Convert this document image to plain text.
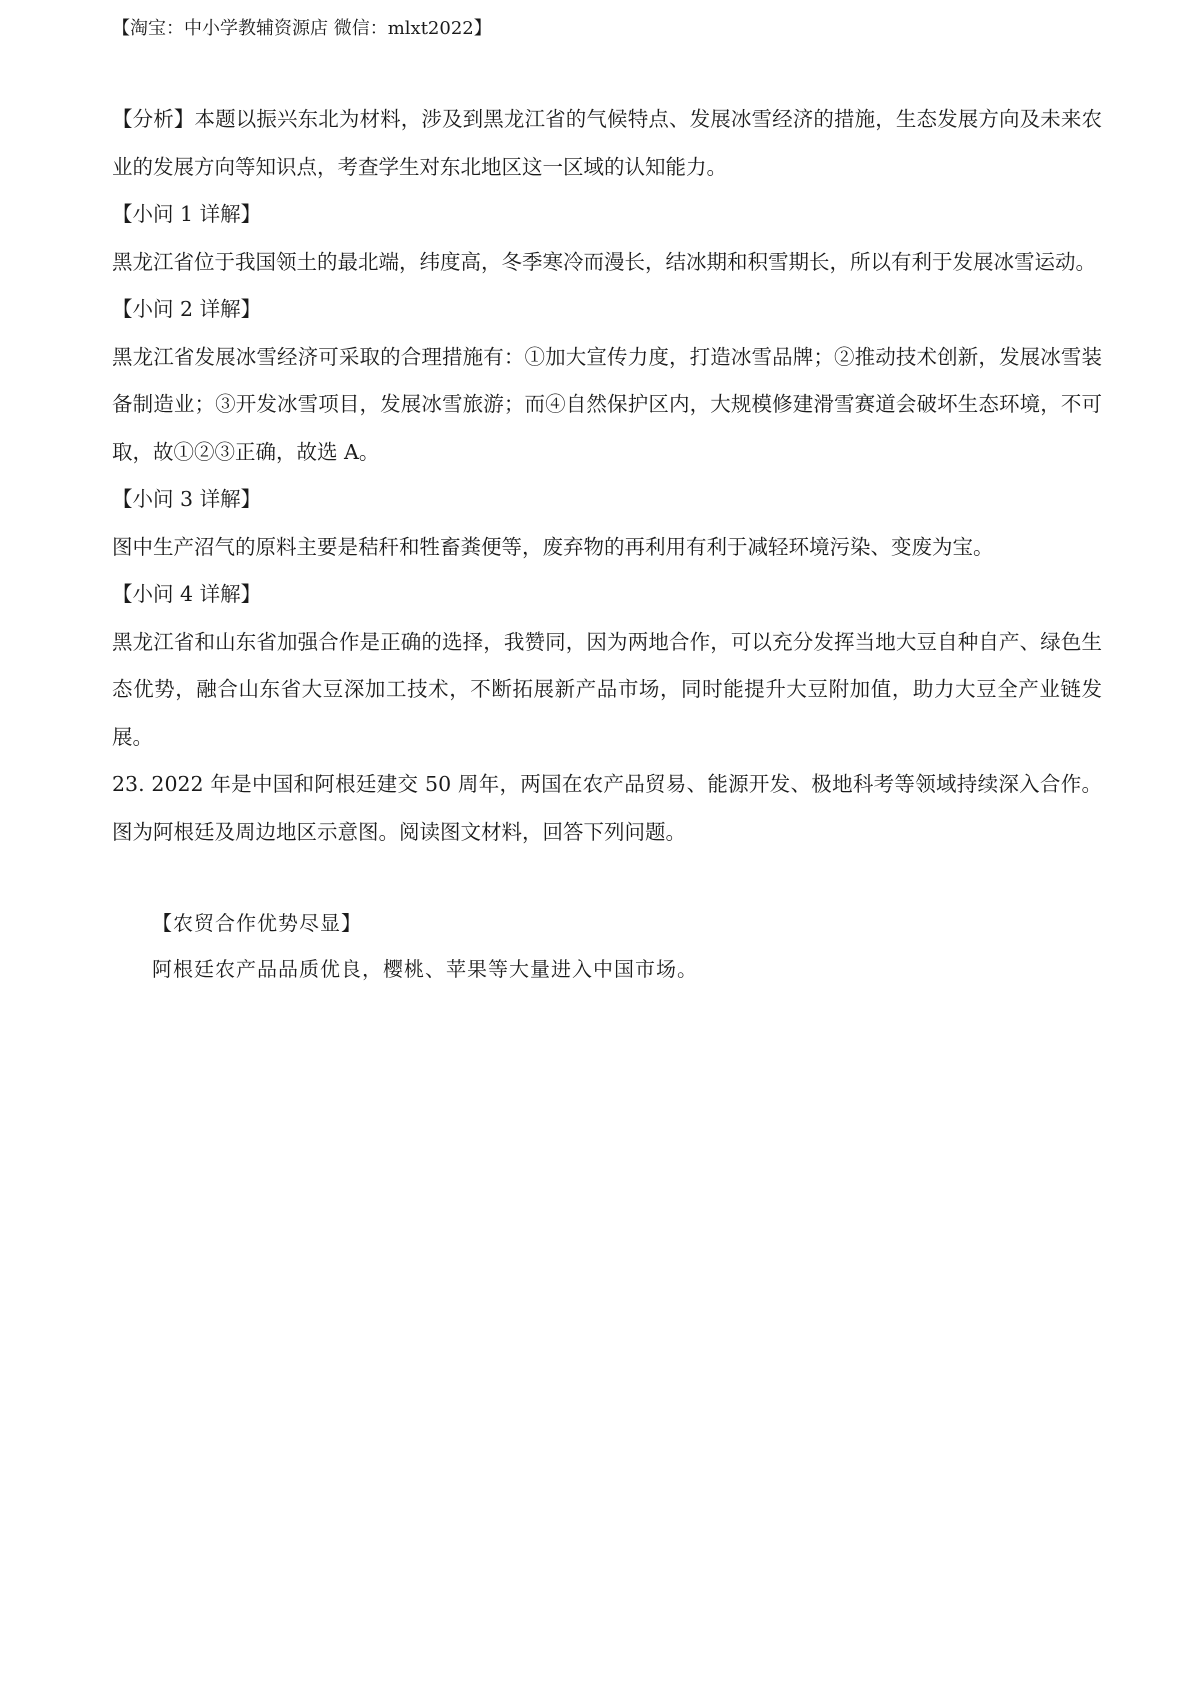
【淘宝：中小学教辅资源店 微信：mlxt2022】

【分析】本题以振兴东北为材料，涉及到黑龙江省的气候特点、发展冰雪经济的措施，生态发展方向及未来农业的发展方向等知识点，考查学生对东北地区这一区域的认知能力。

【小问 1 详解】

黑龙江省位于我国领土的最北端，纬度高，冬季寒冷而漫长，结冰期和积雪期长，所以有利于发展冰雪运动。

【小问 2 详解】

黑龙江省发展冰雪经济可采取的合理措施有：①加大宣传力度，打造冰雪品牌；②推动技术创新，发展冰雪装备制造业；③开发冰雪项目，发展冰雪旅游；而④自然保护区内，大规模修建滑雪赛道会破坏生态环境，不可取，故①②③正确，故选 A。

【小问 3 详解】

图中生产沼气的原料主要是秸秆和牲畜粪便等，废弃物的再利用有利于减轻环境污染、变废为宝。

【小问 4 详解】

黑龙江省和山东省加强合作是正确的选择，我赞同，因为两地合作，可以充分发挥当地大豆自种自产、绿色生态优势，融合山东省大豆深加工技术，不断拓展新产品市场，同时能提升大豆附加值，助力大豆全产业链发展。

23. 2022 年是中国和阿根廷建交 50 周年，两国在农产品贸易、能源开发、极地科考等领域持续深入合作。图为阿根廷及周边地区示意图。阅读图文材料，回答下列问题。

【农贸合作优势尽显】

阿根廷农产品品质优良，樱桃、苹果等大量进入中国市场。
